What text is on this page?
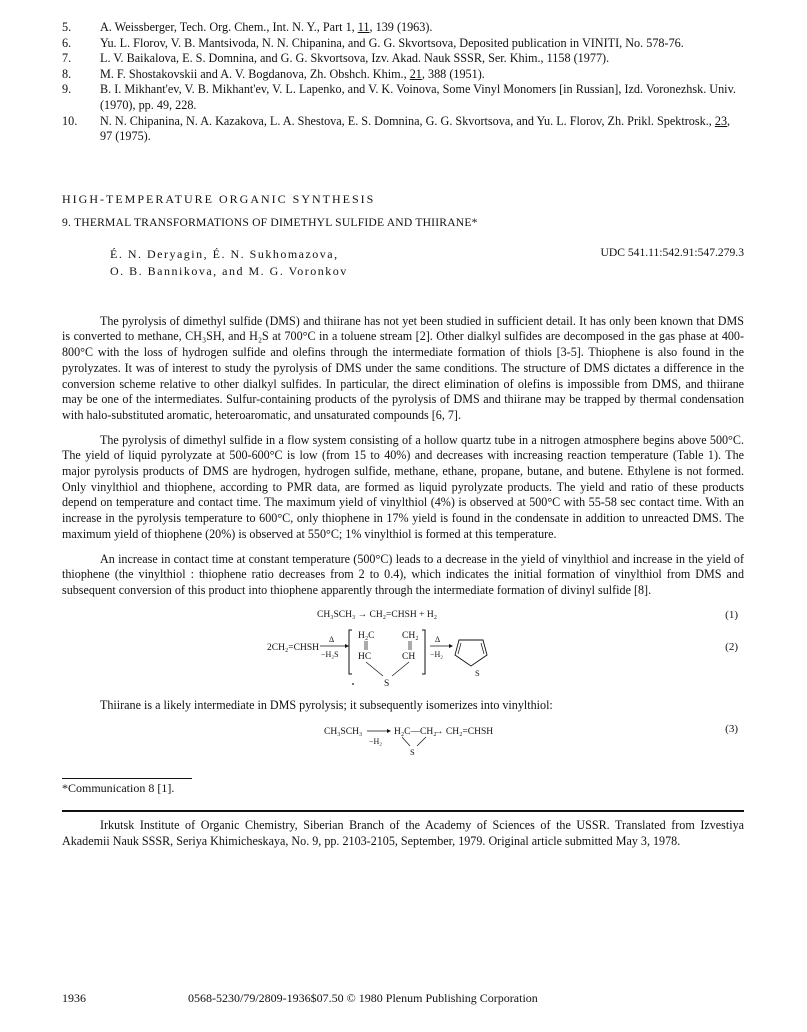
5.	A. Weissberger, Tech. Org. Chem., Int. N. Y., Part 1, 11, 139 (1963).
6.	Yu. L. Florov, V. B. Mantsivoda, N. N. Chipanina, and G. G. Skvortsova, Deposited publication in VINITI, No. 578-76.
7.	L. V. Baikalova, E. S. Domnina, and G. G. Skvortsova, Izv. Akad. Nauk SSSR, Ser. Khim., 1158 (1977).
8.	M. F. Shostakovskii and A. V. Bogdanova, Zh. Obshch. Khim., 21, 388 (1951).
9.	B. I. Mikhant'ev, V. B. Mikhant'ev, V. L. Lapenko, and V. K. Voinova, Some Vinyl Monomers [in Russian], Izd. Voronezhsk. Univ. (1970), pp. 49, 228.
10.	N. N. Chipanina, N. A. Kazakova, L. A. Shestova, E. S. Domnina, G. G. Skvortsova, and Yu. L. Florov, Zh. Prikl. Spektrosk., 23, 97 (1975).
HIGH-TEMPERATURE ORGANIC SYNTHESIS
9. THERMAL TRANSFORMATIONS OF DIMETHYL SULFIDE AND THIIRANE*
É. N. Deryagin, É. N. Sukhomazova,
O. B. Bannikova, and M. G. Voronkov
UDC 541.11:542.91:547.279.3

The pyrolysis of dimethyl sulfide (DMS) and thiirane has not yet been studied in sufficient detail. It has only been known that DMS is converted to methane, CH₃SH, and H₂S at 700°C in a toluene stream [2]. Other dialkyl sulfides are decomposed in the gas phase at 400-800°C with the loss of hydrogen sulfide and olefins through the intermediate formation of thiols [3-5]. Thiophene is also found in the pyrolyzates. It was of interest to study the pyrolysis of DMS under the same conditions. The structure of DMS dictates a difference in the conversion scheme relative to other dialkyl sulfides. In particular, the direct elimination of olefins is impossible from DMS, and thiirane may be one of the intermediates. Sulfur-containing products of the pyrolysis of DMS and thiirane may be trapped by thermal condensation with halo-substituted aromatic, heteroaromatic, and unsaturated compounds [6, 7].

The pyrolysis of dimethyl sulfide in a flow system consisting of a hollow quartz tube in a nitrogen atmosphere begins above 500°C. The yield of liquid pyrolyzate at 500-600°C is low (from 15 to 40%) and decreases with increasing reaction temperature (Table 1). The major pyrolysis products of DMS are hydrogen, hydrogen sulfide, methane, ethane, propane, butane, and butene. Ethylene is not formed. Only vinylthiol and thiophene, according to PMR data, are formed as liquid pyrolyzate products. The yield and ratio of these products depend on temperature and contact time. The maximum yield of vinylthiol (4%) is observed at 500°C with 55-58 sec contact time. With an increase in the pyrolysis temperature to 600°C, only thiophene in 17% yield is found in the condensate in addition to unreacted DMS. The maximum yield of thiophene (20%) is observed at 550°C; 1% vinylthiol is formed at this temperature.

An increase in contact time at constant temperature (500°C) leads to a decrease in the yield of vinylthiol and increase in the yield of thiophene (the vinylthiol : thiophene ratio decreases from 2 to 0.4), which indicates the initial formation of vinylthiol from DMS and subsequent conversion of this product into thiophene apparently through the intermediate formation of divinyl sulfide [8].

CH₃SCH₃ → CH₂=CHSH + H₂	(1)
2CH₂=CHSH
Δ
−H₂S
H₂C	CH₂
HC	CH
S
Δ
−H₂
S
(2)

Thiirane is a likely intermediate in DMS pyrolysis; it subsequently isomerizes into vinylthiol:

CH₃SCH₃
−H₂
H₂C—CH₂
S
→ CH₂=CHSH	(3)
*Communication 8 [1].
Irkutsk Institute of Organic Chemistry, Siberian Branch of the Academy of Sciences of the USSR. Translated from Izvestiya Akademii Nauk SSSR, Seriya Khimicheskaya, No. 9, pp. 2103-2105, September, 1979. Original article submitted May 3, 1978.
1936	0568-5230/79/2809-1936$07.50 © 1980 Plenum Publishing Corporation
